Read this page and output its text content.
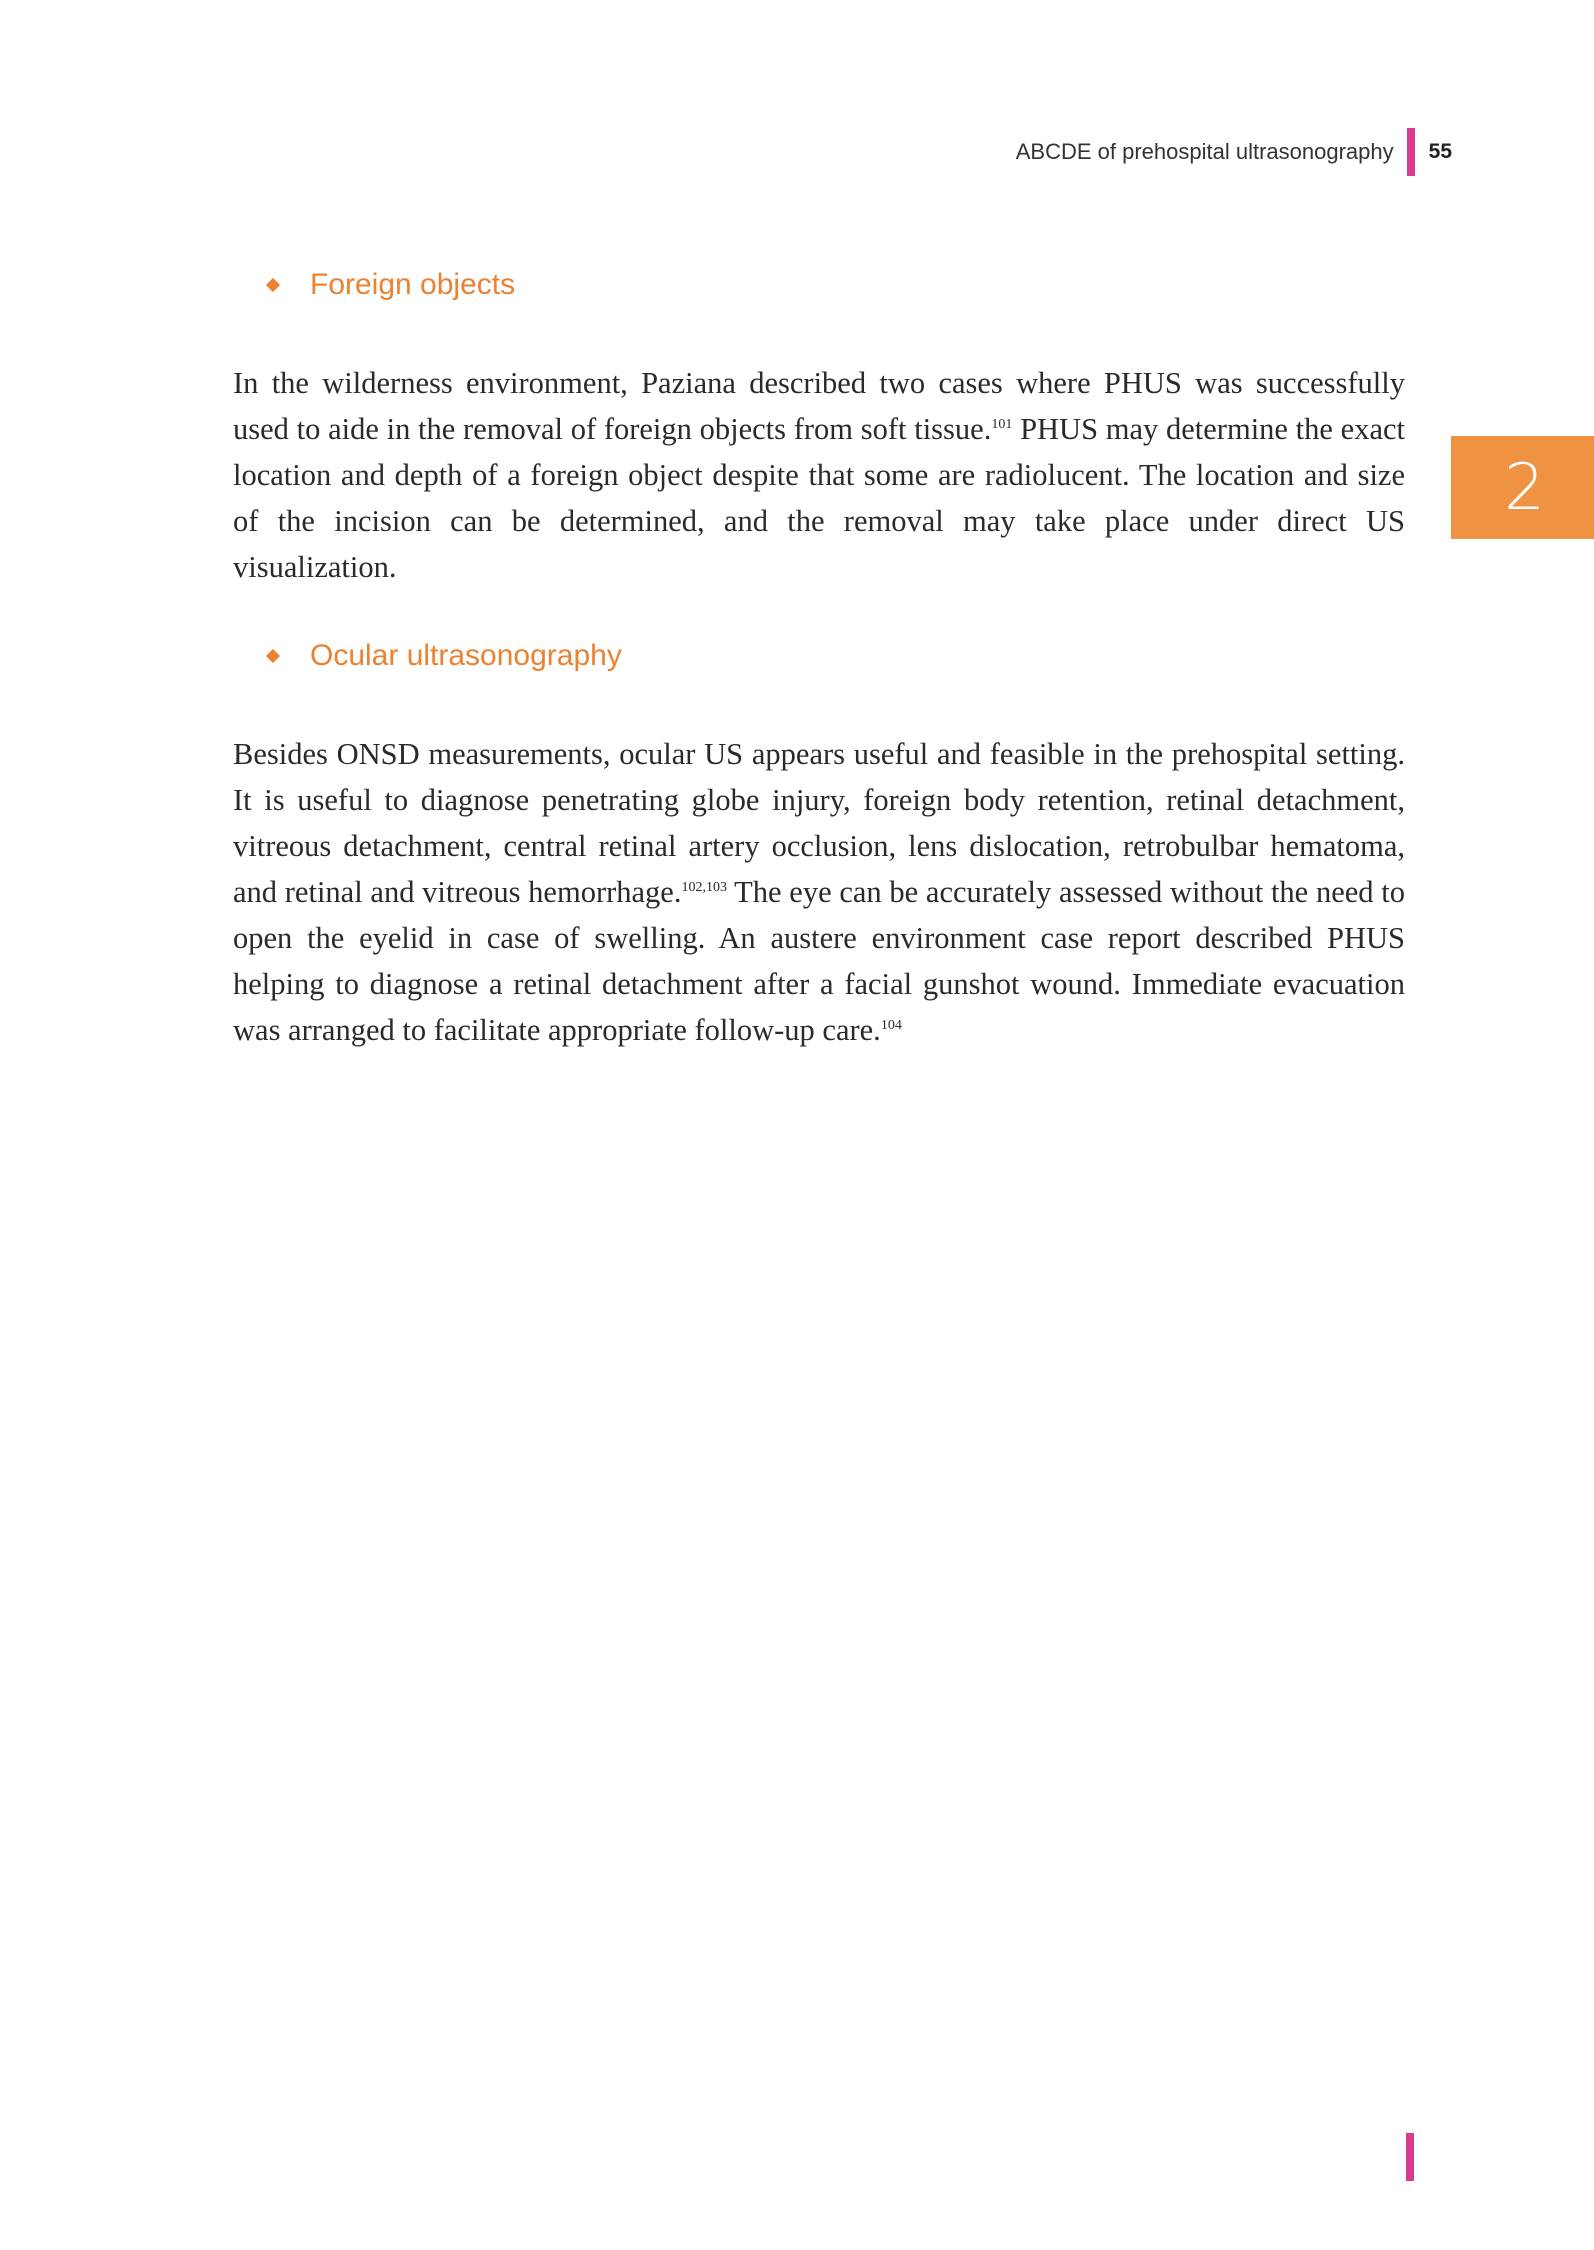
ABCDE of prehospital ultrasonography 55
2
Foreign objects

In the wilderness environment, Paziana described two cases where PHUS was successfully used to aide in the removal of foreign objects from soft tissue.$^{101}$ PHUS may determine the exact location and depth of a foreign object despite that some are radiolucent. The location and size of the incision can be determined, and the removal may take place under direct US visualization.

Ocular ultrasonography

Besides ONSD measurements, ocular US appears useful and feasible in the prehospital setting. It is useful to diagnose penetrating globe injury, foreign body retention, retinal detachment, vitreous detachment, central retinal artery occlusion, lens dislocation, retrobulbar hematoma, and retinal and vitreous hemorrhage.$^{102,103}$ The eye can be accurately assessed without the need to open the eyelid in case of swelling. An austere environment case report described PHUS helping to diagnose a retinal detachment after a facial gunshot wound. Immediate evacuation was arranged to facilitate appropriate follow-up care.$^{104}$
